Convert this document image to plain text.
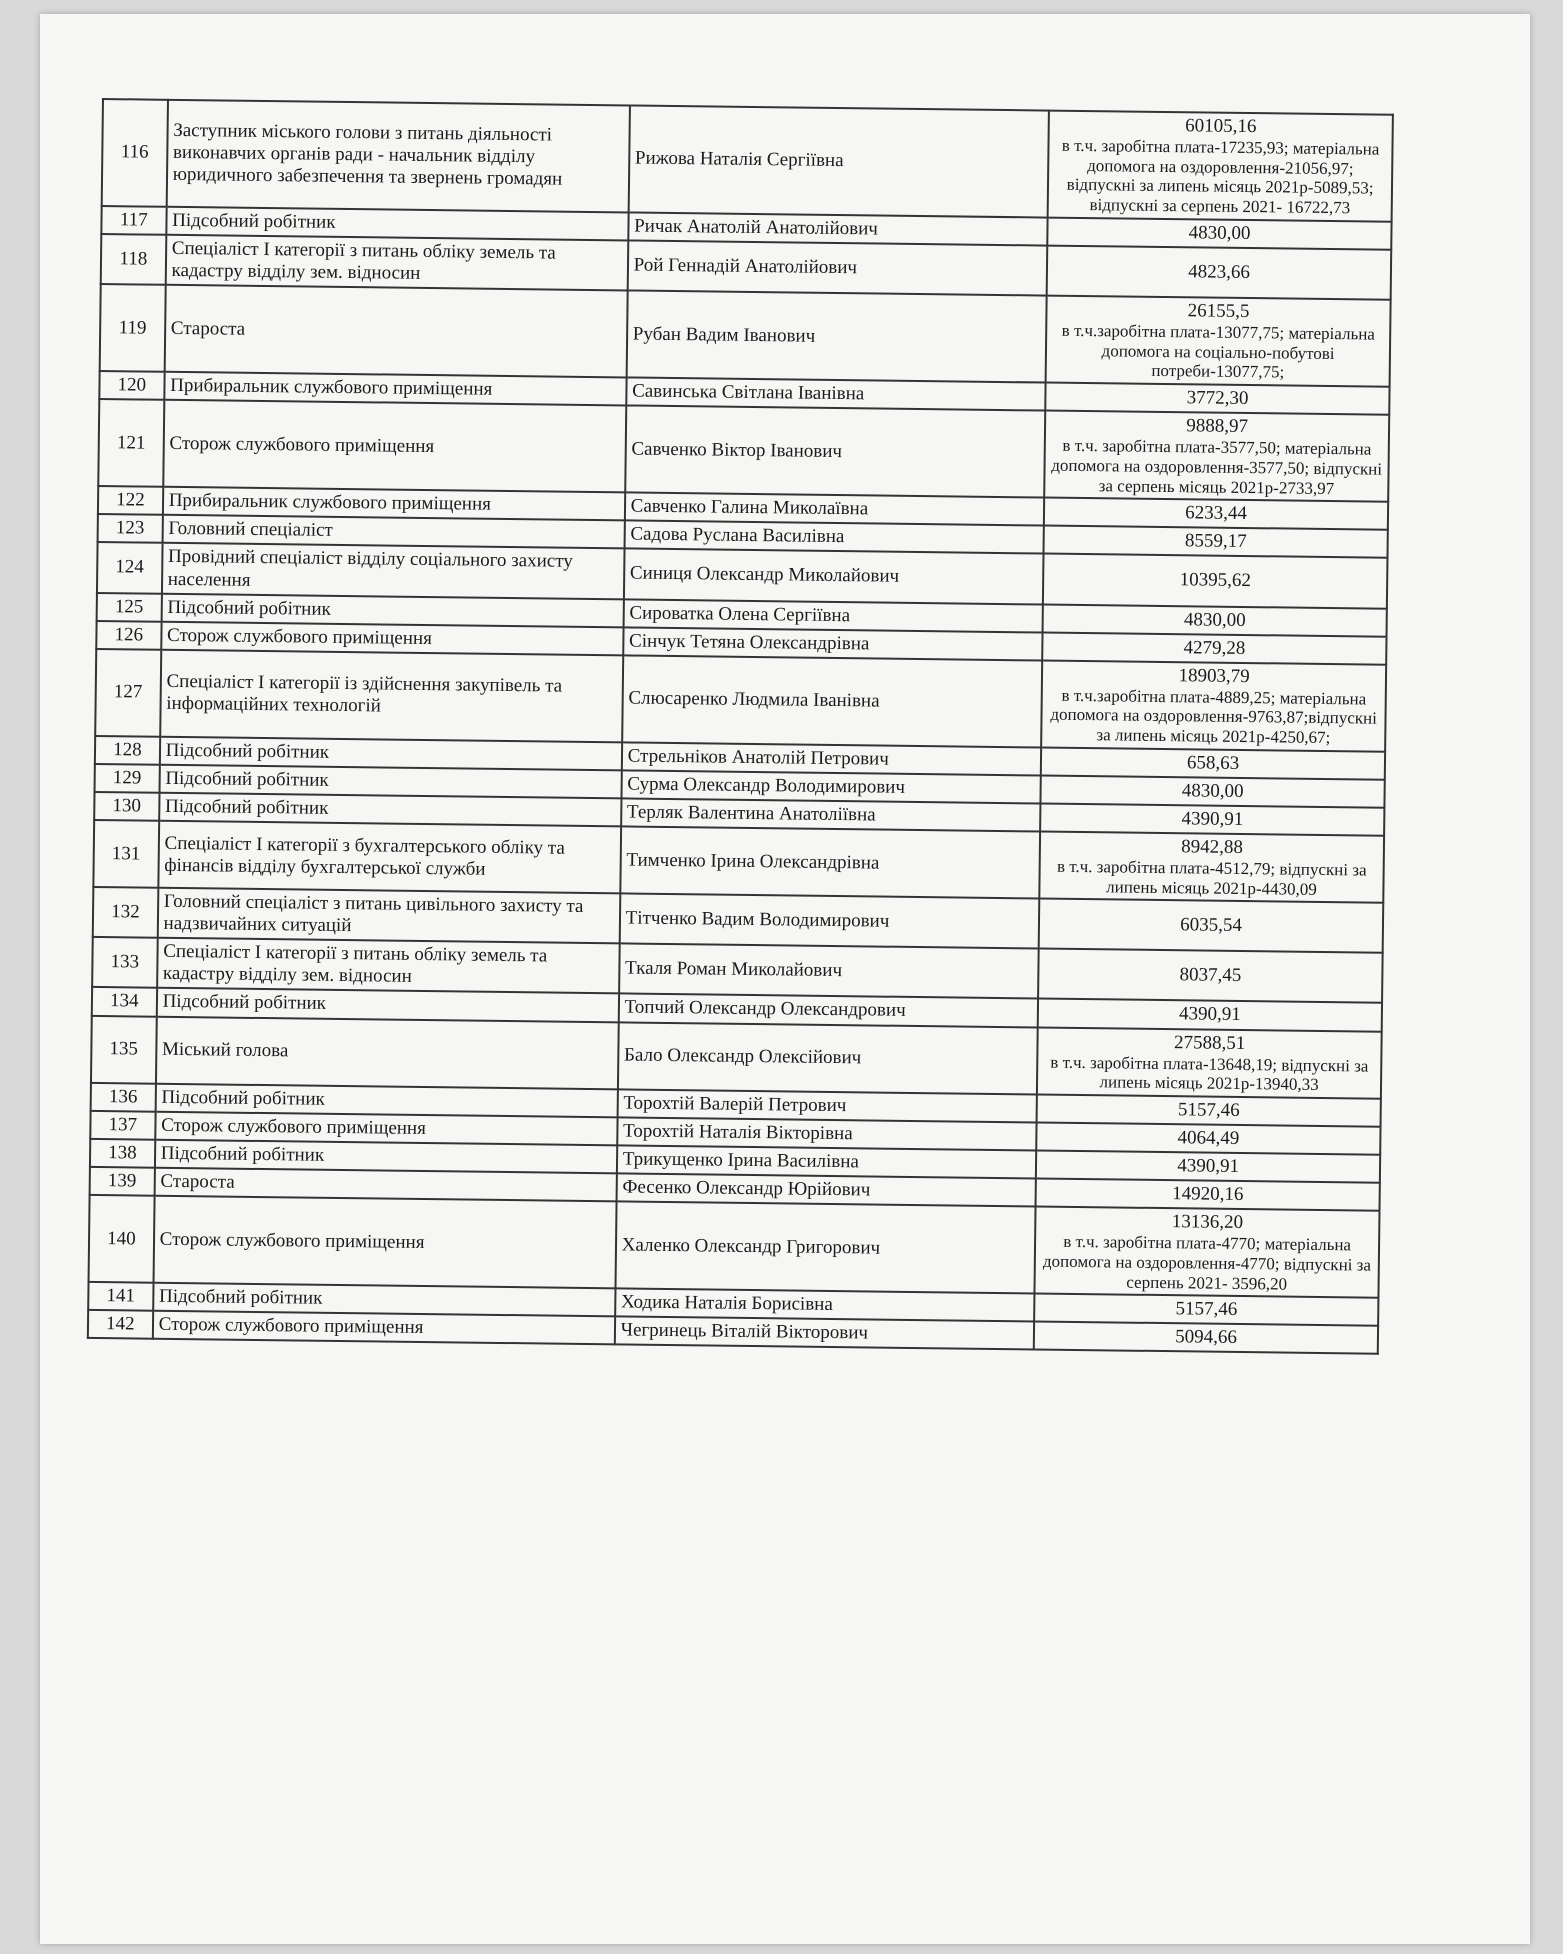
116	Заступник міського голови з питань діяльності виконавчих органів ради - начальник відділу юридичного забезпечення та звернень громадян	Рижова Наталія Сергіївна	60105,16
в т.ч. заробітна плата-17235,93; матеріальна допомога на оздоровлення-21056,97; відпускні за липень місяць 2021р-5089,53; відпускні за серпень 2021- 16722,73

117	Підсобний робітник	Ричак Анатолій Анатолійович	4830,00

118	Спеціаліст І категорії з питань обліку земель та кадастру відділу зем. відносин	Рой Геннадій Анатолійович	4823,66

119	Староста	Рубан Вадим Іванович	26155,5
в т.ч.заробітна плата-13077,75; матеріальна допомога на соціально-побутові потреби-13077,75;

120	Прибиральник службового приміщення	Савинська Світлана Іванівна	3772,30

121	Сторож службового приміщення	Савченко Віктор Іванович	9888,97
в т.ч. заробітна плата-3577,50; матеріальна допомога на оздоровлення-3577,50; відпускні за серпень місяць 2021р-2733,97

122	Прибиральник службового приміщення	Савченко Галина Миколаївна	6233,44

123	Головний спеціаліст	Садова Руслана Василівна	8559,17

124	Провідний спеціаліст відділу соціального захисту населення	Синиця Олександр Миколайович	10395,62

125	Підсобний робітник	Сироватка Олена Сергіївна	4830,00

126	Сторож службового приміщення	Сінчук Тетяна Олександрівна	4279,28

127	Спеціаліст І категорії із здійснення закупівель та інформаційних технологій	Слюсаренко Людмила Іванівна	18903,79
в т.ч.заробітна плата-4889,25; матеріальна допомога на оздоровлення-9763,87;відпускні за липень місяць 2021р-4250,67;

128	Підсобний робітник	Стрельніков Анатолій Петрович	658,63

129	Підсобний робітник	Сурма Олександр Володимирович	4830,00

130	Підсобний робітник	Терляк Валентина Анатоліївна	4390,91

131	Спеціаліст І категорії з бухгалтерського обліку та фінансів відділу бухгалтерської служби	Тимченко Ірина Олександрівна	8942,88
в т.ч. заробітна плата-4512,79; відпускні за липень місяць 2021р-4430,09

132	Головний спеціаліст з питань цивільного захисту та надзвичайних ситуацій	Тітченко Вадим Володимирович	6035,54

133	Спеціаліст І категорії з питань обліку земель та кадастру відділу зем. відносин	Ткаля Роман Миколайович	8037,45

134	Підсобний робітник	Топчий Олександр Олександрович	4390,91

135	Міський голова	Бало Олександр Олексійович	27588,51
в т.ч. заробітна плата-13648,19; відпускні за липень місяць 2021р-13940,33

136	Підсобний робітник	Торохтій Валерій Петрович	5157,46

137	Сторож службового приміщення	Торохтій Наталія Вікторівна	4064,49

138	Підсобний робітник	Трикущенко Ірина Василівна	4390,91

139	Староста	Фесенко Олександр Юрійович	14920,16

140	Сторож службового приміщення	Халенко Олександр Григорович	13136,20
в т.ч. заробітна плата-4770; матеріальна допомога на оздоровлення-4770; відпускні за серпень 2021- 3596,20

141	Підсобний робітник	Ходика Наталія Борисівна	5157,46

142	Сторож службового приміщення	Чегринець Віталій Вікторович	5094,66
